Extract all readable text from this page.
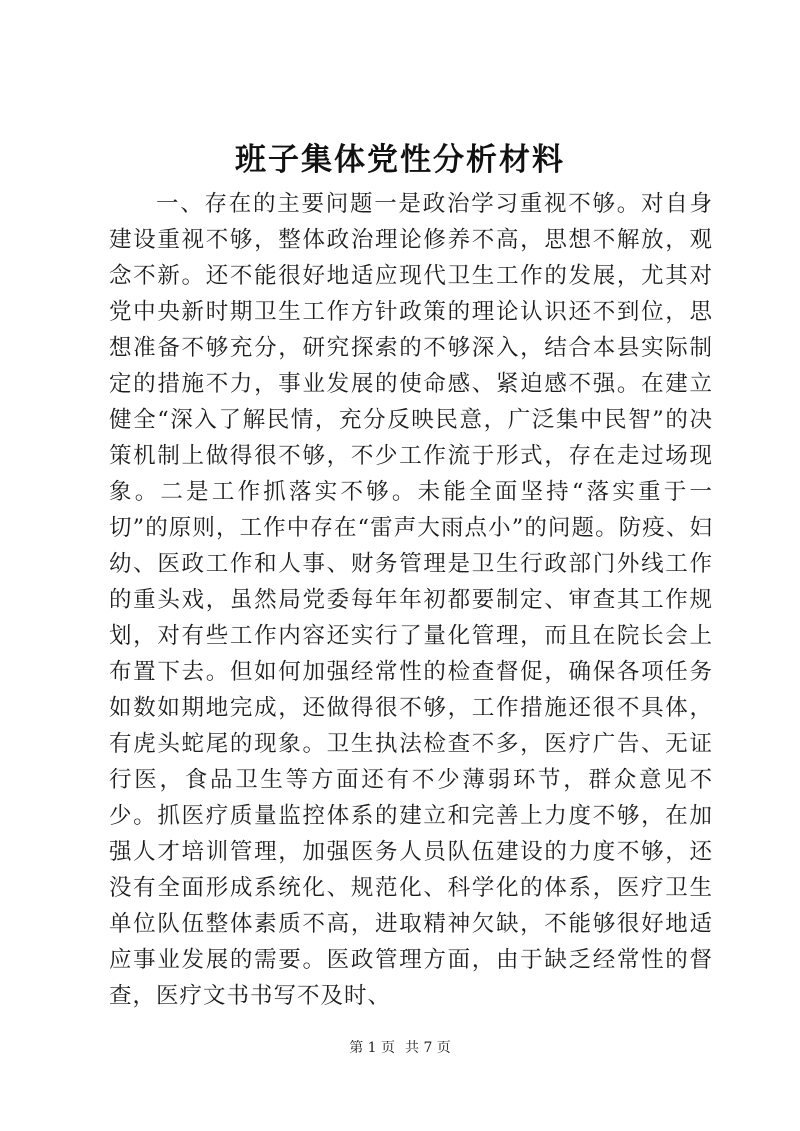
班子集体党性分析材料

一、存在的主要问题一是政治学习重视不够。对自身建设重视不够，整体政治理论修养不高，思想不解放，观念不新。还不能很好地适应现代卫生工作的发展，尤其对党中央新时期卫生工作方针政策的理论认识还不到位，思想准备不够充分，研究探索的不够深入，结合本县实际制定的措施不力，事业发展的使命感、紧迫感不强。在建立健全“深入了解民情，充分反映民意，广泛集中民智”的决策机制上做得很不够，不少工作流于形式，存在走过场现象。二是工作抓落实不够。未能全面坚持“落实重于一切”的原则，工作中存在“雷声大雨点小”的问题。防疫、妇幼、医政工作和人事、财务管理是卫生行政部门外线工作的重头戏，虽然局党委每年年初都要制定、审查其工作规划，对有些工作内容还实行了量化管理，而且在院长会上布置下去。但如何加强经常性的检查督促，确保各项任务如数如期地完成，还做得很不够，工作措施还很不具体，有虎头蛇尾的现象。卫生执法检查不多，医疗广告、无证行医，食品卫生等方面还有不少薄弱环节，群众意见不少。抓医疗质量监控体系的建立和完善上力度不够，在加强人才培训管理，加强医务人员队伍建设的力度不够，还没有全面形成系统化、规范化、科学化的体系，医疗卫生单位队伍整体素质不高，进取精神欠缺，不能够很好地适应事业发展的需要。医政管理方面，由于缺乏经常性的督查，医疗文书书写不及时、

第 1 页 共 7 页
